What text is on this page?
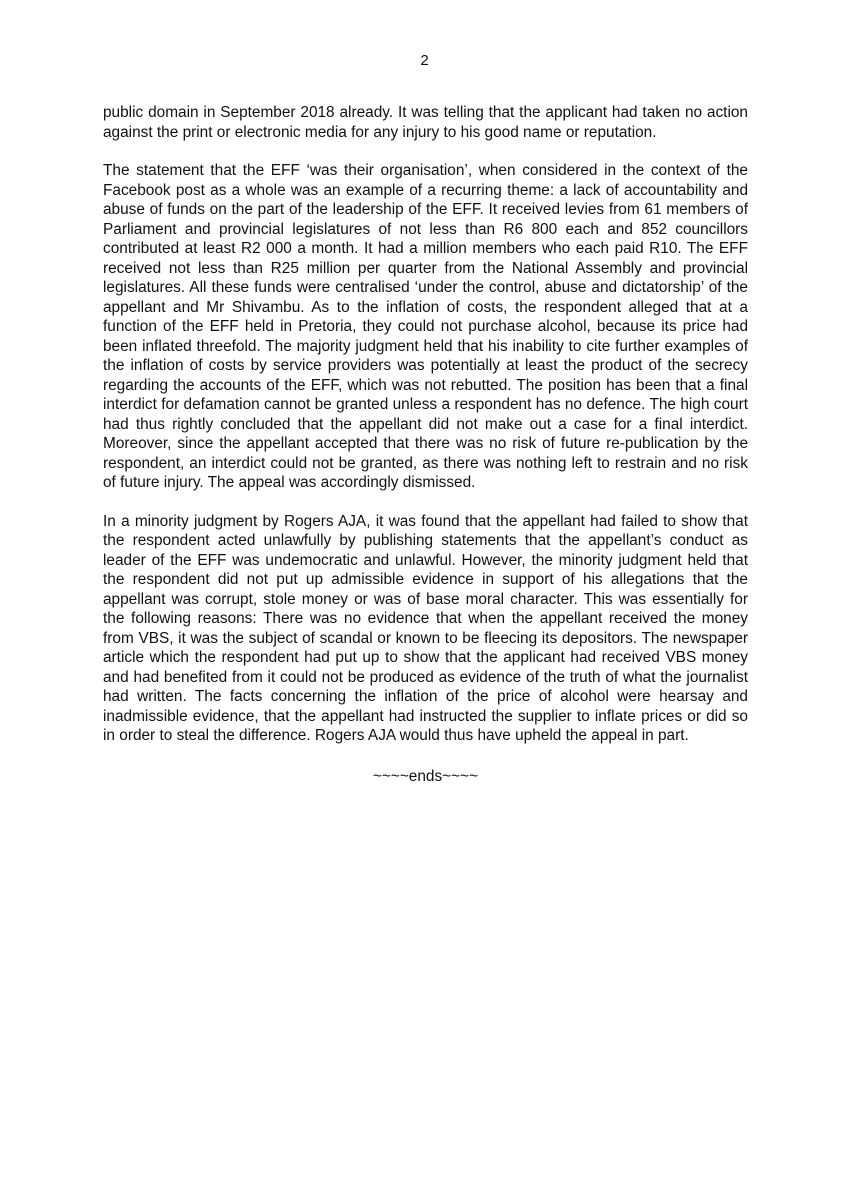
2

public domain in September 2018 already. It was telling that the applicant had taken no action against the print or electronic media for any injury to his good name or reputation.

The statement that the EFF ‘was their organisation’, when considered in the context of the Facebook post as a whole was an example of a recurring theme: a lack of accountability and abuse of funds on the part of the leadership of the EFF. It received levies from 61 members of Parliament and provincial legislatures of not less than R6 800 each and 852 councillors contributed at least R2 000 a month. It had a million members who each paid R10. The EFF received not less than R25 million per quarter from the National Assembly and provincial legislatures. All these funds were centralised ‘under the control, abuse and dictatorship’ of the appellant and Mr Shivambu. As to the inflation of costs, the respondent alleged that at a function of the EFF held in Pretoria, they could not purchase alcohol, because its price had been inflated threefold. The majority judgment held that his inability to cite further examples of the inflation of costs by service providers was potentially at least the product of the secrecy regarding the accounts of the EFF, which was not rebutted. The position has been that a final interdict for defamation cannot be granted unless a respondent has no defence. The high court had thus rightly concluded that the appellant did not make out a case for a final interdict. Moreover, since the appellant accepted that there was no risk of future re-publication by the respondent, an interdict could not be granted, as there was nothing left to restrain and no risk of future injury. The appeal was accordingly dismissed.

In a minority judgment by Rogers AJA, it was found that the appellant had failed to show that the respondent acted unlawfully by publishing statements that the appellant’s conduct as leader of the EFF was undemocratic and unlawful. However, the minority judgment held that the respondent did not put up admissible evidence in support of his allegations that the appellant was corrupt, stole money or was of base moral character. This was essentially for the following reasons: There was no evidence that when the appellant received the money from VBS, it was the subject of scandal or known to be fleecing its depositors. The newspaper article which the respondent had put up to show that the applicant had received VBS money and had benefited from it could not be produced as evidence of the truth of what the journalist had written. The facts concerning the inflation of the price of alcohol were hearsay and inadmissible evidence, that the appellant had instructed the supplier to inflate prices or did so in order to steal the difference. Rogers AJA would thus have upheld the appeal in part.

~~~~ends~~~~
